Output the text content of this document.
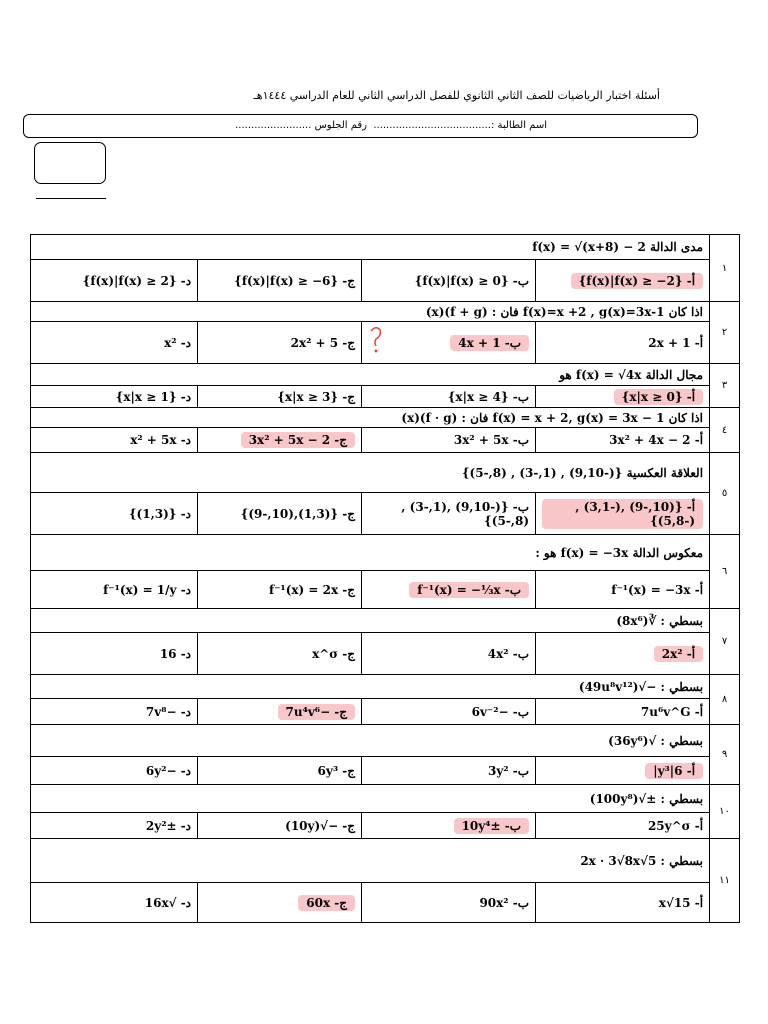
أسئلة اختبار الرياضيات للصف الثاني الثانوي للفصل الدراسي الثاني للعام الدراسي ١٤٤٤هـ
اسم الطالبة :.....................................
رقم الجلوس ........................
١	مدى الدالة f(x) = √(x+8) − 2			
	أ- {f(x)|f(x) ≥ −2}	ب- {f(x)|f(x) ≥ 0}	ج- {f(x)|f(x) ≥ −6}	د- {f(x)|f(x) ≥ 2}
٢	اذا كان f(x)=x +2 , g(x)=3x-1 فان : (f + g)(x)			
	أ- 2x + 1	ب- 4x + 1	ج- 2x² + 5	د- x²
٣	مجال الدالة f(x) = √4x هو			
	أ- {x|x ≥ 0}	ب- {x|x ≥ 4}	ج- {x|x ≥ 3}	د- {x|x ≥ 1}
٤	اذا كان f(x) = x + 2, g(x) = 3x − 1 فان : (f · g)(x)			
	أ- 3x² + 4x − 2	ب- 3x² + 5x	ج- 3x² + 5x − 2	د- x² + 5x
٥	العلاقة العكسية {(-9,10) , (1,-3) , (8,-5)}			
	أ- {(10,-9) ,(-3,1) ,(-5,8)}	ب- {(-9,10) ,(1,-3) ,(8,-5)}	ج- {(1,3),(10,-9)}	د- {(1,3)}
٦	معكوس الدالة f(x) = −3x هو :			
	أ- f⁻¹(x) = −3x	ب- f⁻¹(x) = −⅓x	ج- f⁻¹(x) = 2x	د- f⁻¹(x) = 1/y
٧	بسطي : ∛(8x⁶)			
	أ- 2x²	ب- 4x²	ج- x^σ	د- 16
٨	بسطي : −√(49u⁸v¹²)			
	أ- 7u⁶v^G	ب- −6v⁻²	ج- −7u⁴v⁶	د- −7v⁸
٩	بسطي : √(36y⁶)			
	أ- 6|y³|	ب- 3y²	ج- 6y³	د- −6y²
١٠	بسطي : ±√(100y⁸)			
	أ- 25y^σ	ب- ±10y⁴	ج- −√(10y)	د- ±2y²
١١	بسطي : 5√2x · 3√8x			
	أ- 15√x	ب- 90x²	ج- 60x	د- √16x
